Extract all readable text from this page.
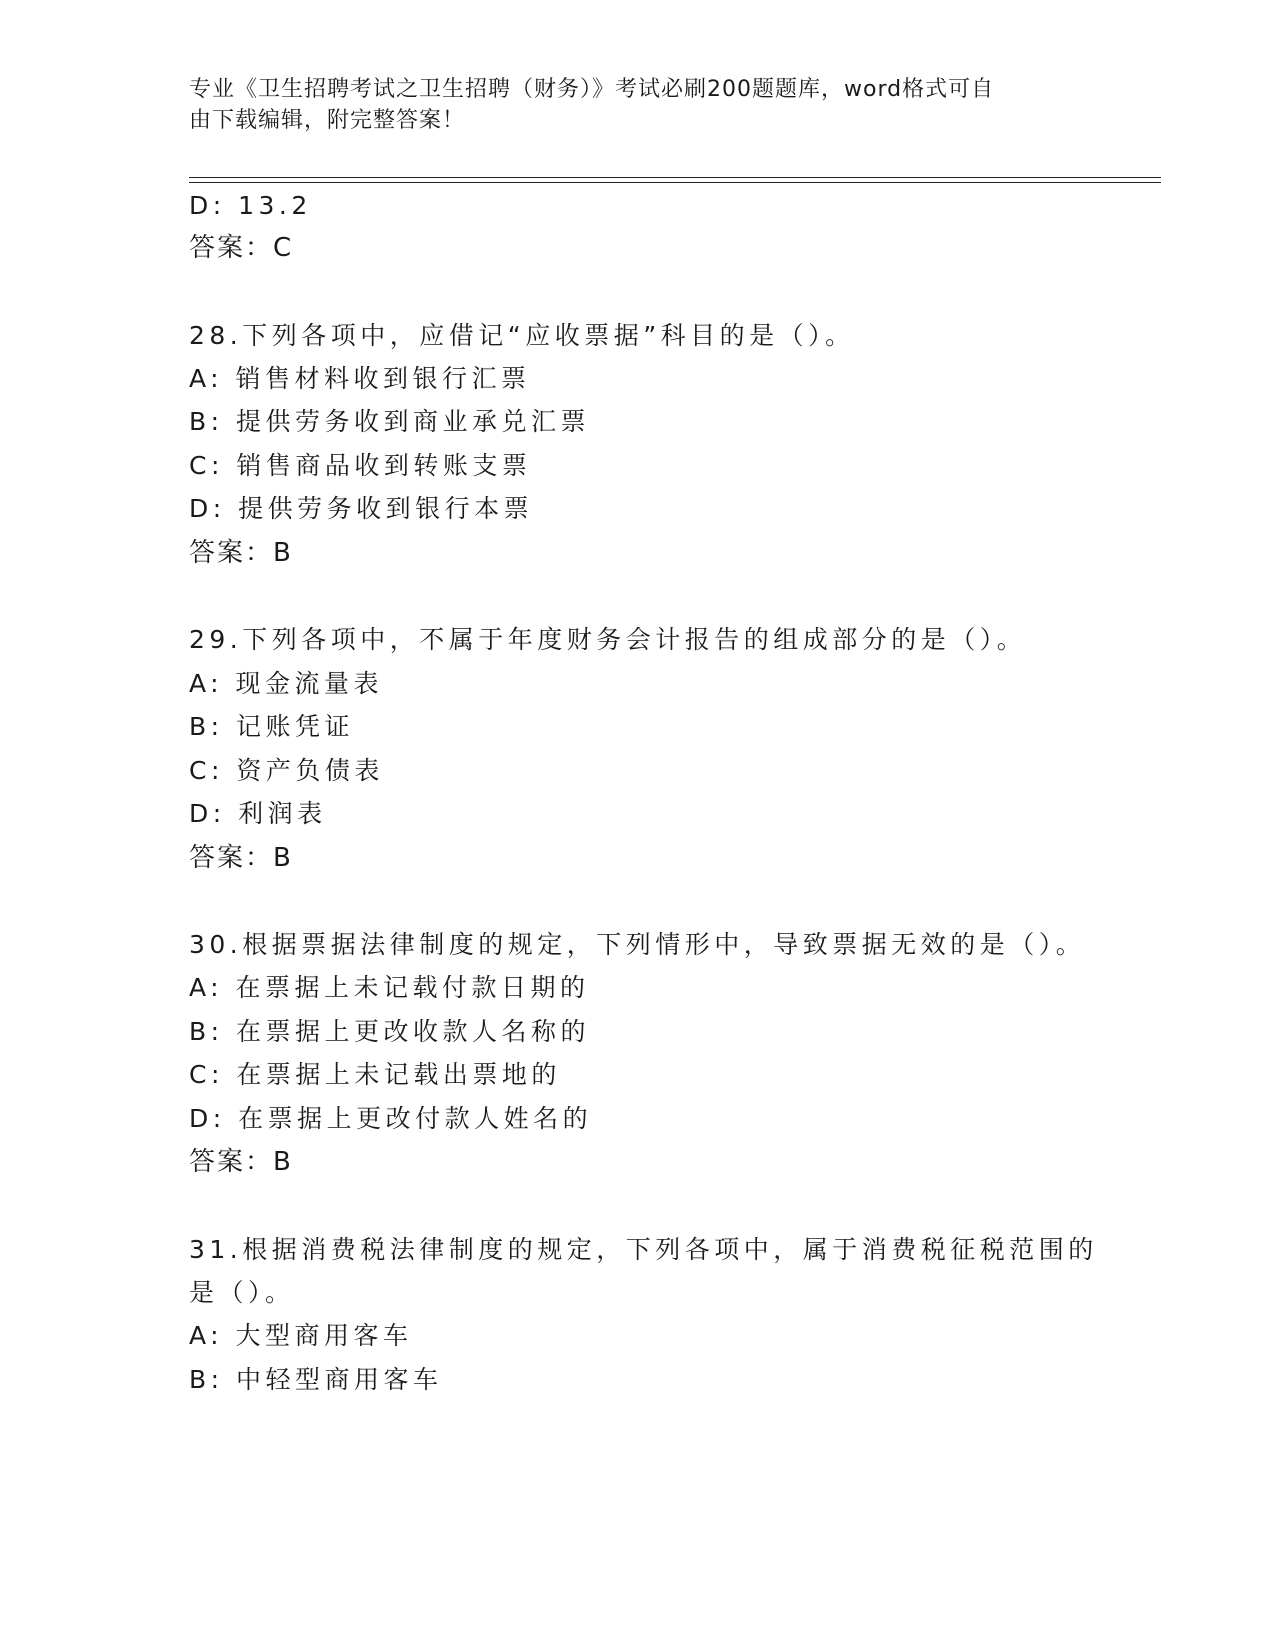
专业《卫生招聘考试之卫生招聘（财务）》考试必刷200题题库，word格式可自
由下载编辑，附完整答案！
D: 13.2
答案：C
28.下列各项中，应借记“应收票据”科目的是（）。
A: 销售材料收到银行汇票
B: 提供劳务收到商业承兑汇票
C: 销售商品收到转账支票
D: 提供劳务收到银行本票
答案：B
29.下列各项中，不属于年度财务会计报告的组成部分的是（）。
A: 现金流量表
B: 记账凭证
C: 资产负债表
D: 利润表
答案：B
30.根据票据法律制度的规定，下列情形中，导致票据无效的是（）。
A: 在票据上未记载付款日期的
B: 在票据上更改收款人名称的
C: 在票据上未记载出票地的
D: 在票据上更改付款人姓名的
答案：B
31.根据消费税法律制度的规定，下列各项中，属于消费税征税范围的
是（）。
A: 大型商用客车
B: 中轻型商用客车
